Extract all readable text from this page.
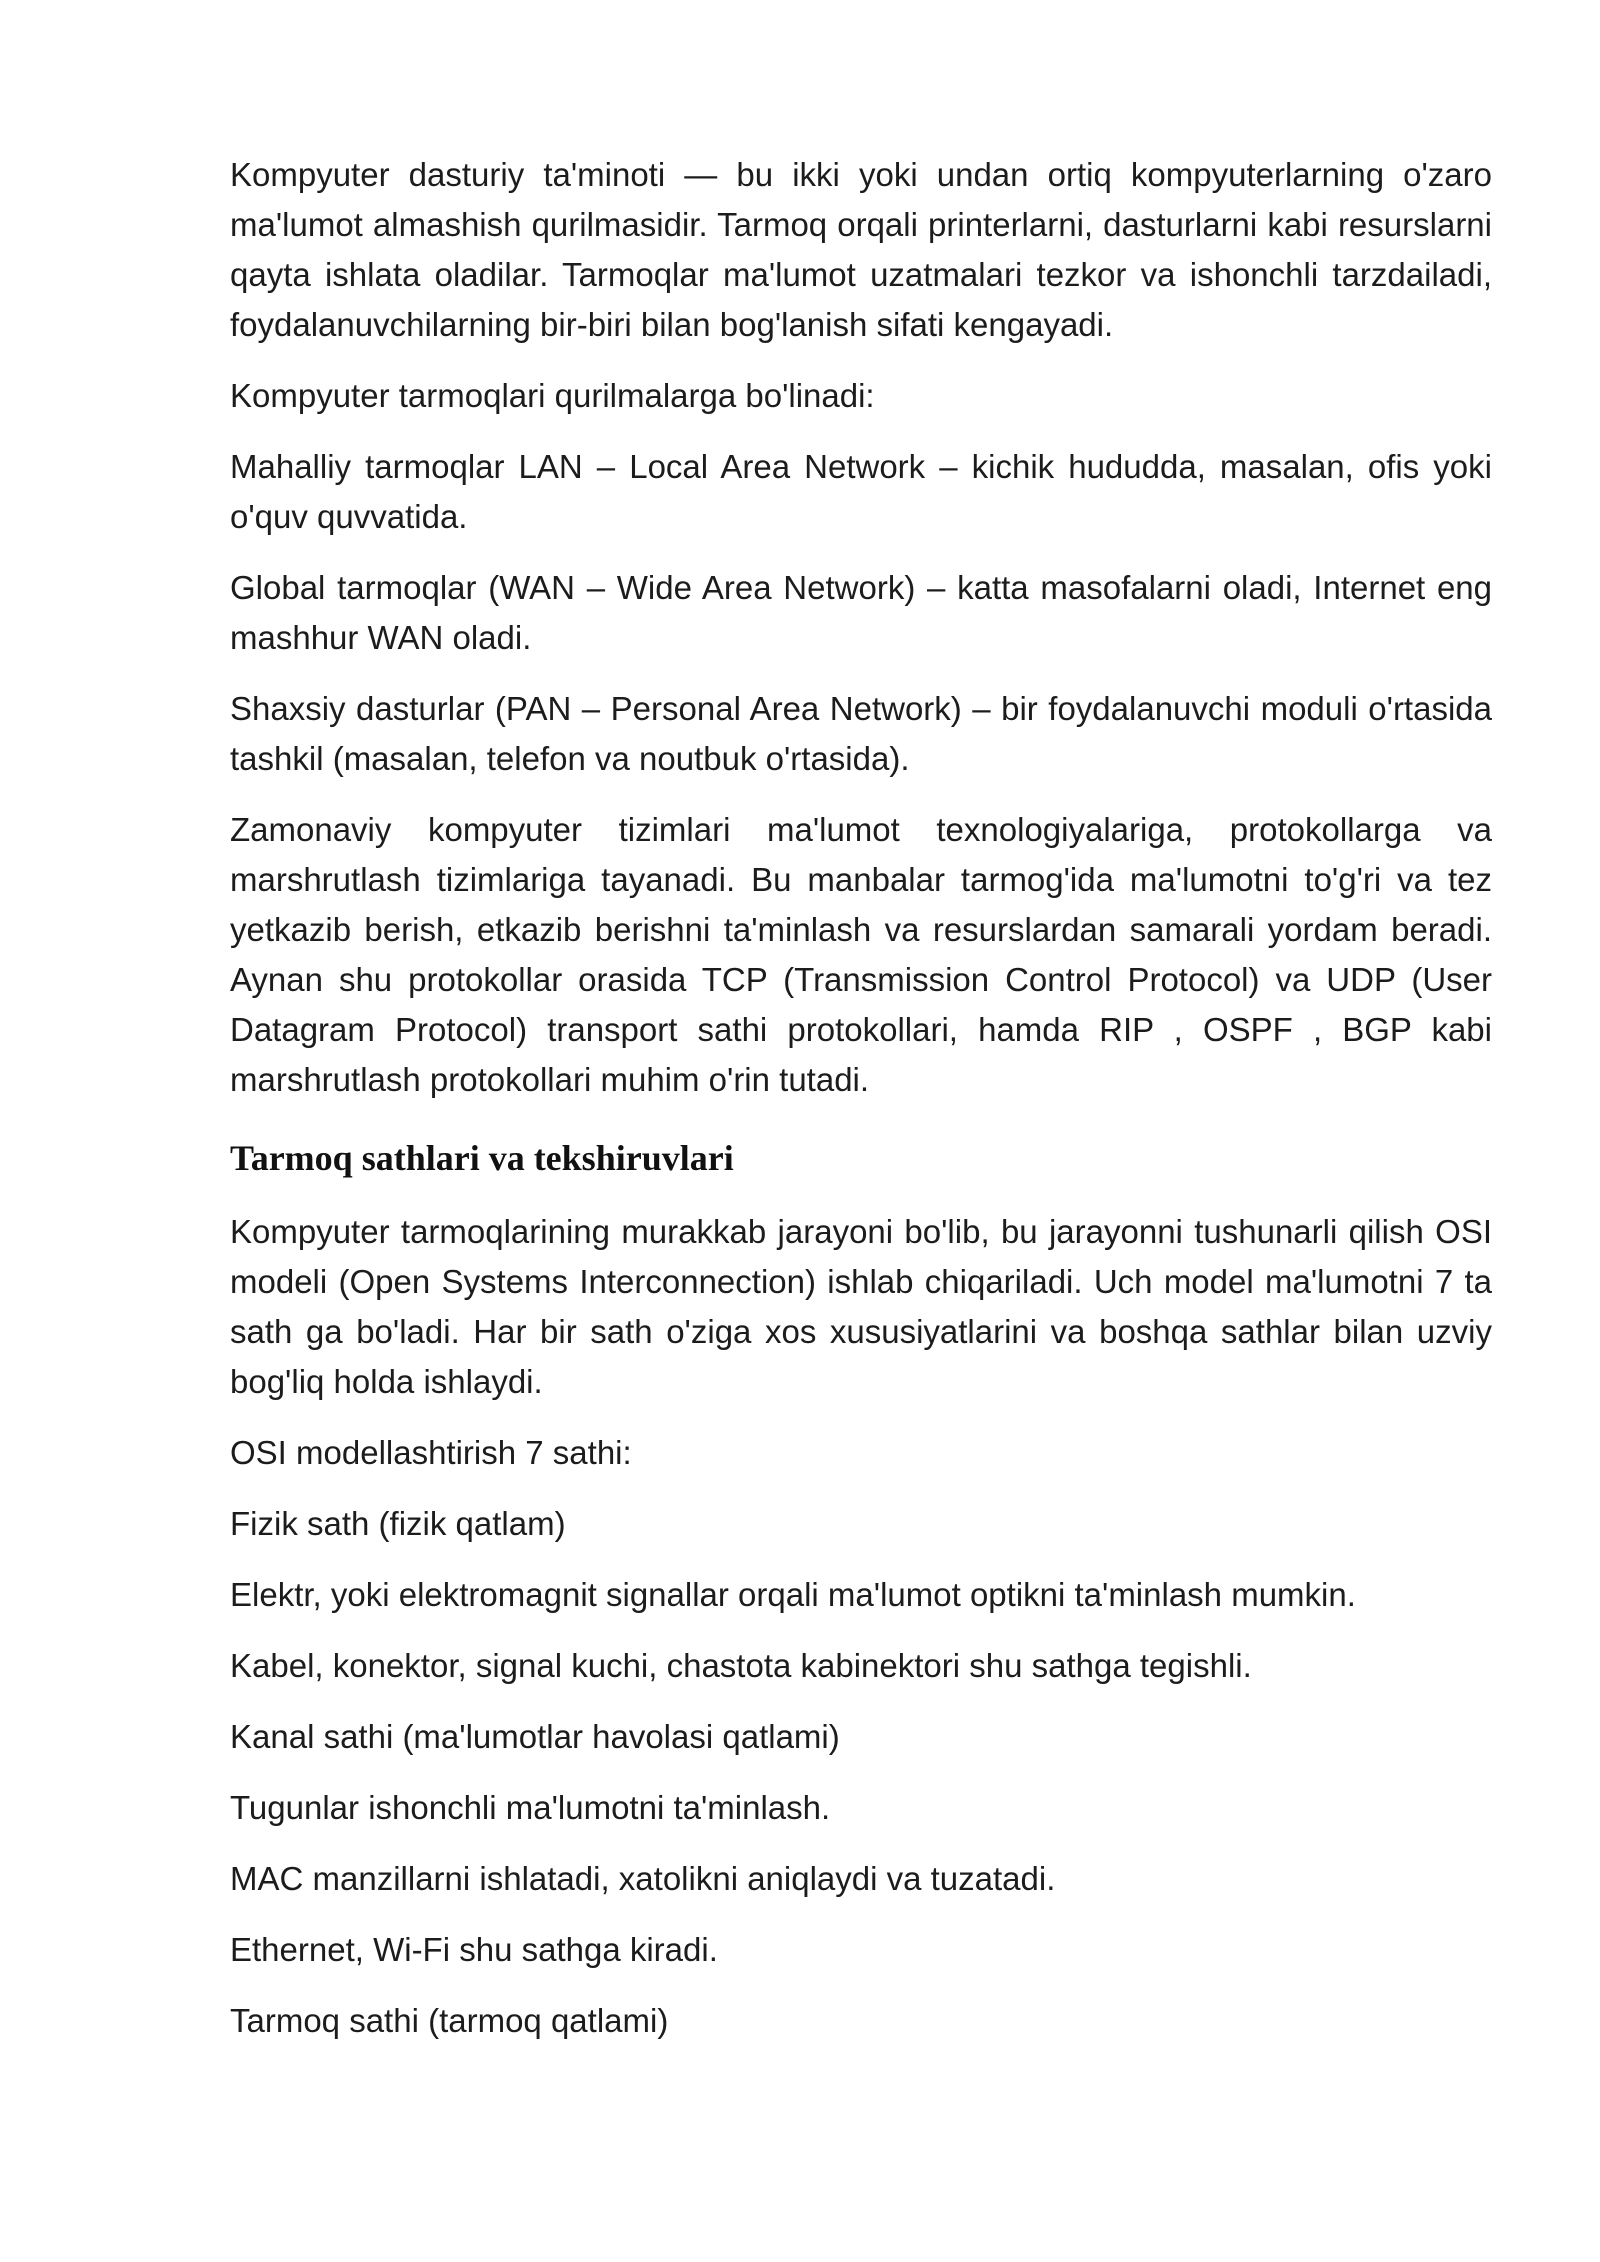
Kompyuter dasturiy ta'minoti — bu ikki yoki undan ortiq kompyuterlarning o'zaro ma'lumot almashish qurilmasidir. Tarmoq orqali printerlarni, dasturlarni kabi resurslarni qayta ishlata oladilar. Tarmoqlar ma'lumot uzatmalari tezkor va ishonchli tarzdailadi, foydalanuvchilarning bir-biri bilan bog'lanish sifati kengayadi.

Kompyuter tarmoqlari qurilmalarga bo'linadi:

Mahalliy tarmoqlar LAN – Local Area Network – kichik hududda, masalan, ofis yoki o'quv quvvatida.

Global tarmoqlar (WAN – Wide Area Network) – katta masofalarni oladi, Internet eng mashhur WAN oladi.

Shaxsiy dasturlar (PAN – Personal Area Network) – bir foydalanuvchi moduli o'rtasida tashkil (masalan, telefon va noutbuk o'rtasida).

Zamonaviy kompyuter tizimlari ma'lumot texnologiyalariga, protokollarga va marshrutlash tizimlariga tayanadi. Bu manbalar tarmog'ida ma'lumotni to'g'ri va tez yetkazib berish, etkazib berishni ta'minlash va resurslardan samarali yordam beradi. Aynan shu protokollar orasida TCP (Transmission Control Protocol) va UDP (User Datagram Protocol) transport sathi protokollari, hamda RIP , OSPF , BGP kabi marshrutlash protokollari muhim o'rin tutadi.

Tarmoq sathlari va tekshiruvlari

Kompyuter tarmoqlarining murakkab jarayoni bo'lib, bu jarayonni tushunarli qilish OSI modeli (Open Systems Interconnection) ishlab chiqariladi. Uch model ma'lumotni 7 ta sath ga bo'ladi. Har bir sath o'ziga xos xususiyatlarini va boshqa sathlar bilan uzviy bog'liq holda ishlaydi.

OSI modellashtirish 7 sathi:

Fizik sath (fizik qatlam)

Elektr, yoki elektromagnit signallar orqali ma'lumot optikni ta'minlash mumkin.

Kabel, konektor, signal kuchi, chastota kabinektori shu sathga tegishli.

Kanal sathi (ma'lumotlar havolasi qatlami)

Tugunlar ishonchli ma'lumotni ta'minlash.

MAC manzillarni ishlatadi, xatolikni aniqlaydi va tuzatadi.

Ethernet, Wi-Fi shu sathga kiradi.

Tarmoq sathi (tarmoq qatlami)
